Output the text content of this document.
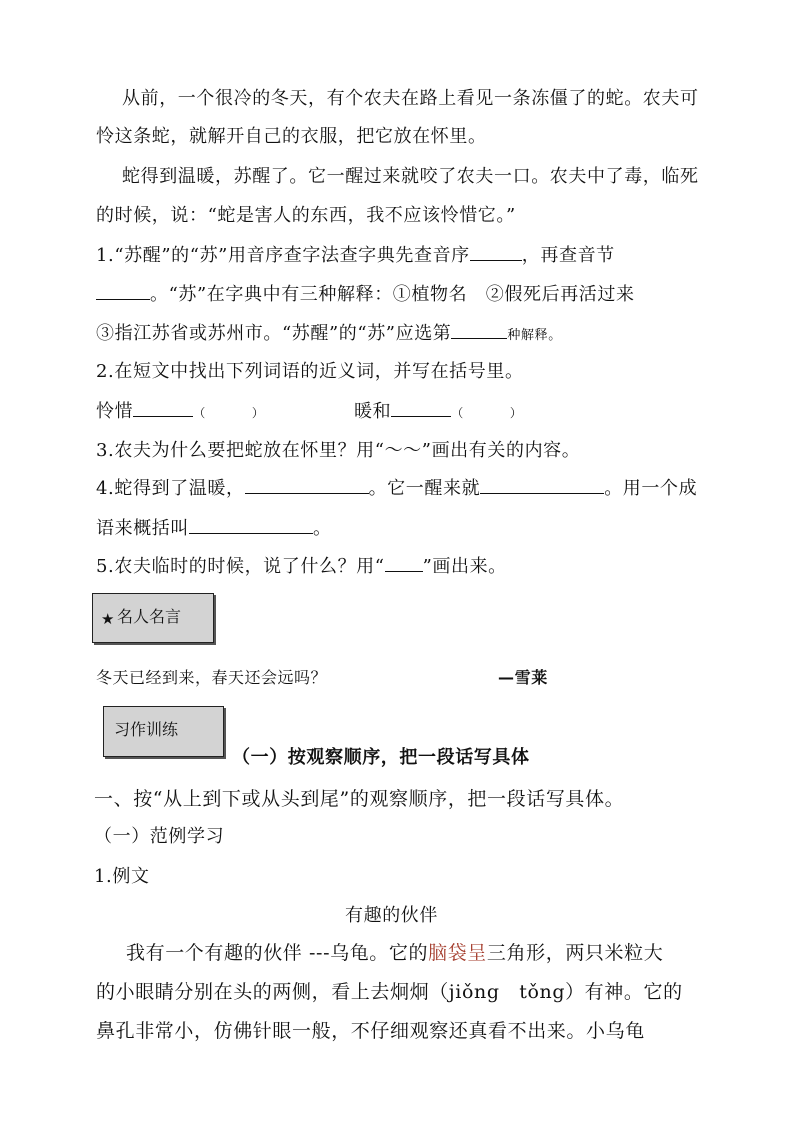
从前，一个很冷的冬天，有个农夫在路上看见一条冻僵了的蛇。农夫可
怜这条蛇，就解开自己的衣服，把它放在怀里。
蛇得到温暖，苏醒了。它一醒过来就咬了农夫一口。农夫中了毒，临死
的时候，说：“蛇是害人的东西，我不应该怜惜它。”
1.“苏醒”的“苏”用音序查字法查字典先查音序	，再查音节
。“苏”在字典中有三种解释：①植物名　②假死后再活过来
③指江苏省或苏州市。“苏醒”的“苏”应选第	种解释。
2.在短文中找出下列词语的近义词，并写在括号里。
怜惜	（	）	暖和	（	）
3.农夫为什么要把蛇放在怀里？用“～～”画出有关的内容。
4.蛇得到了温暖，	。它一醒来就	。用一个成
语来概括叫	。
5.农夫临时的时候，说了什么？用“ ”画出来。
★ 名人名言
冬天已经到来，春天还会远吗？	—雪莱
习作训练
（一）按观察顺序，把一段话写具体
一、按“从上到下或从头到尾”的观察顺序，把一段话写具体。
（一）范例学习
1.例文
有趣的伙伴
我有一个有趣的伙伴 ---乌龟。它的脑袋呈三角形，两只米粒大
的小眼睛分别在头的两侧，看上去炯炯（jiǒng　tǒng）有神。它的
鼻孔非常小，仿佛针眼一般，不仔细观察还真看不出来。小乌龟
